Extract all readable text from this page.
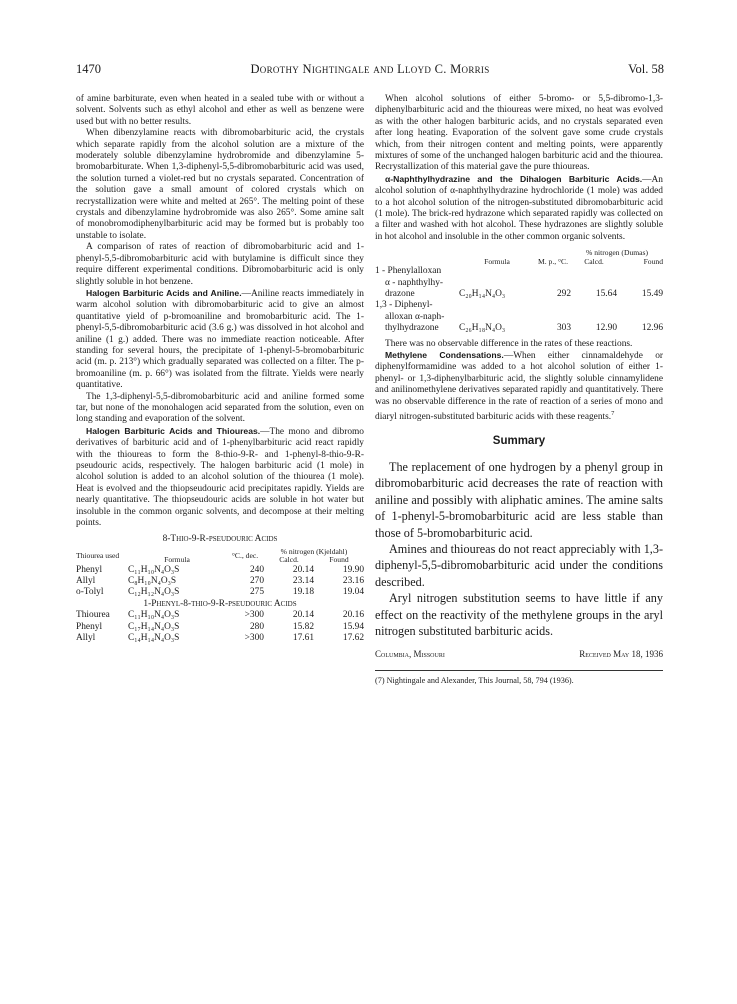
1470	Dorothy Nightingale and Lloyd C. Morris	Vol. 58

of amine barbiturate, even when heated in a sealed tube with or without a solvent. Solvents such as ethyl alcohol and ether as well as benzene were used but with no better results.

When dibenzylamine reacts with dibromobarbituric acid, the crystals which separate rapidly from the alcohol solution are a mixture of the moderately soluble dibenzylamine hydrobromide and dibenzylamine 5-bromobarbiturate. When 1,3-diphenyl-5,5-dibromobarbituric acid was used, the solution turned a violet-red but no crystals separated. Concentration of the solution gave a small amount of colored crystals which on recrystallization were white and melted at 265°. The melting point of these crystals and dibenzylamine hydrobromide was also 265°. Some amine salt of monobromodiphenylbarbituric acid may be formed but is probably too unstable to isolate.

A comparison of rates of reaction of dibromobarbituric acid and 1-phenyl-5,5-dibromobarbituric acid with butylamine is difficult since they require different experimental conditions. Dibromobarbituric acid is only slightly soluble in hot benzene.

Halogen Barbituric Acids and Aniline.—Aniline reacts immediately in warm alcohol solution with dibromobarbituric acid to give an almost quantitative yield of p-bromoaniline and bromobarbituric acid. The 1-phenyl-5,5-dibromobarbituric acid (3.6 g.) was dissolved in hot alcohol and aniline (1 g.) added. There was no immediate reaction noticeable. After standing for several hours, the precipitate of 1-phenyl-5-bromobarbituric acid (m. p. 213°) which gradually separated was collected on a filter. The p-bromoaniline (m. p. 66°) was isolated from the filtrate. Yields were nearly quantitative.

The 1,3-diphenyl-5,5-dibromobarbituric acid and aniline formed some tar, but none of the monohalogen acid separated from the solution, even on long standing and evaporation of the solvent.

Halogen Barbituric Acids and Thioureas.—The mono and dibromo derivatives of barbituric acid and of 1-phenylbarbituric acid react rapidly with the thioureas to form the 8-thio-9-R- and 1-phenyl-8-thio-9-R-pseudouric acids, respectively. The halogen barbituric acid (1 mole) in alcohol solution is added to an alcohol solution of the thiourea (1 mole). Heat is evolved and the thiopseudouric acid precipitates rapidly. Yields are nearly quantitative. The thiopseudouric acids are soluble in hot water but insoluble in the common organic solvents, and decompose at their melting points.

8-Thio-9-R-pseudouric Acids
Thiourea used	Formula	°C., dec.	% nitrogen (Kjeldahl)	
			Calcd.	Found
Phenyl	C₁₁H₁₀N₄O₃S	240	20.14	19.90
Allyl	C₈H₁₀N₄O₃S	270	23.14	23.16
o-Tolyl	C₁₂H₁₂N₄O₃S	275	19.18	19.04
1-Phenyl-8-thio-9-R-pseudouric Acids				
Thiourea	C₁₁H₁₀N₄O₃S	>300	20.14	20.16
Phenyl	C₁₇H₁₄N₄O₃S	280	15.82	15.94
Allyl	C₁₄H₁₄N₄O₃S	>300	17.61	17.62

When alcohol solutions of either 5-bromo- or 5,5-dibromo-1,3-diphenylbarbituric acid and the thioureas were mixed, no heat was evolved as with the other halogen barbituric acids, and no crystals separated even after long heating. Evaporation of the solvent gave some crude crystals which, from their nitrogen content and melting points, were apparently mixtures of some of the unchanged halogen barbituric acid and the thiourea. Recrystallization of this material gave the pure thioureas.

α-Naphthylhydrazine and the Dihalogen Barbituric Acids.—An alcohol solution of α-naphthylhydrazine hydrochloride (1 mole) was added to a hot alcohol solution of the nitrogen-substituted dibromobarbituric acid (1 mole). The brick-red hydrazone which separated rapidly was collected on a filter and washed with hot alcohol. These hydrazones are slightly soluble in hot alcohol and insoluble in the other common organic solvents.

			% nitrogen (Dumas)	
	Formula	M. p., °C.	Calcd.	Found

1 - Phenylalloxan
α - naphthylhy-
drazone	C₂₀H₁₄N₄O₃	292	15.64	15.49

1,3 - Diphenyl-
alloxan α-naph-
thylhydrazone	C₂₆H₁₈N₄O₃	303	12.90	12.96

There was no observable difference in the rates of these reactions.

Methylene Condensations.—When either cinnamaldehyde or diphenylformamidine was added to a hot alcohol solution of either 1-phenyl- or 1,3-diphenylbarbituric acid, the slightly soluble cinnamylidene and anilinomethylene derivatives separated rapidly and quantitatively. There was no observable difference in the rate of reaction of a series of mono and diaryl nitrogen-substituted barbituric acids with these reagents.$^7$

Summary

The replacement of one hydrogen by a phenyl group in dibromobarbituric acid decreases the rate of reaction with aniline and possibly with aliphatic amines. The amine salts of 1-phenyl-5-bromobarbituric acid are less stable than those of 5-bromobarbituric acid.

Amines and thioureas do not react appreciably with 1,3-diphenyl-5,5-dibromobarbituric acid under the conditions described.

Aryl nitrogen substitution seems to have little if any effect on the reactivity of the methylene groups in the aryl nitrogen substituted barbituric acids.

Columbia, Missouri	Received May 18, 1936
(7) Nightingale and Alexander, This Journal, 58, 794 (1936).
